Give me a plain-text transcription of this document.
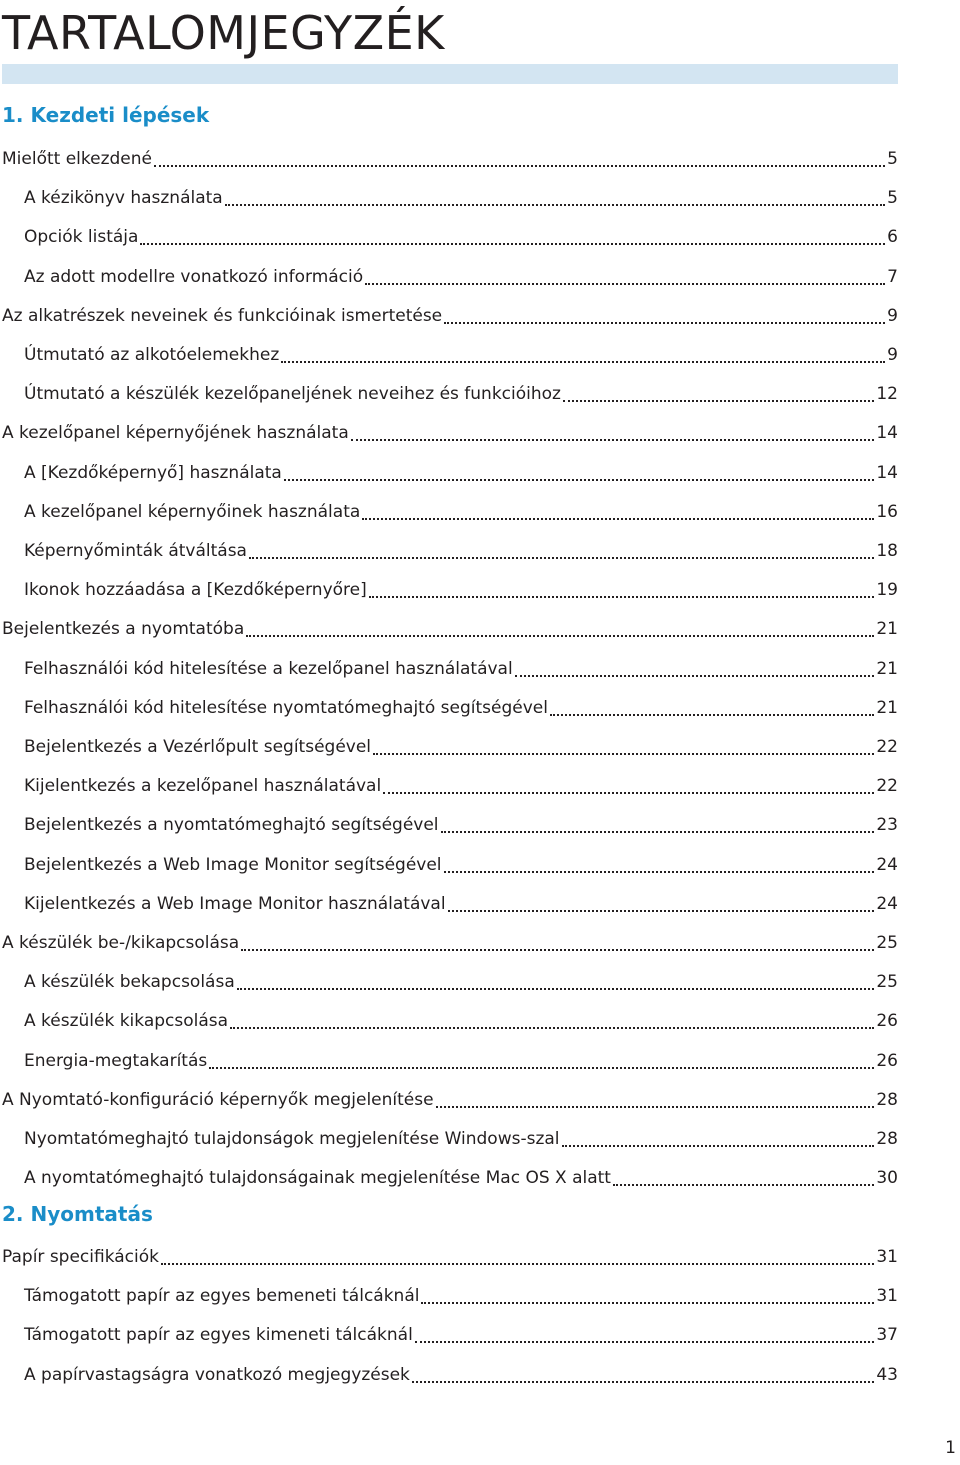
TARTALOMJEGYZÉK
1. Kezdeti lépések
Mielőtt elkezdené	5
A kézikönyv használata	5
Opciók listája	6
Az adott modellre vonatkozó információ	7
Az alkatrészek neveinek és funkcióinak ismertetése	9
Útmutató az alkotóelemekhez	9
Útmutató a készülék kezelőpaneljének neveihez és funkcióihoz	12
A kezelőpanel képernyőjének használata	14
A [Kezdőképernyő] használata	14
A kezelőpanel képernyőinek használata	16
Képernyőminták átváltása	18
Ikonok hozzáadása a [Kezdőképernyőre]	19
Bejelentkezés a nyomtatóba	21
Felhasználói kód hitelesítése a kezelőpanel használatával	21
Felhasználói kód hitelesítése nyomtatómeghajtó segítségével	21
Bejelentkezés a Vezérlőpult segítségével	22
Kijelentkezés a kezelőpanel használatával	22
Bejelentkezés a nyomtatómeghajtó segítségével	23
Bejelentkezés a Web Image Monitor segítségével	24
Kijelentkezés a Web Image Monitor használatával	24
A készülék be-/kikapcsolása	25
A készülék bekapcsolása	25
A készülék kikapcsolása	26
Energia-megtakarítás	26
A Nyomtató-konfiguráció képernyők megjelenítése	28
Nyomtatómeghajtó tulajdonságok megjelenítése Windows-szal	28
A nyomtatómeghajtó tulajdonságainak megjelenítése Mac OS X alatt	30
2. Nyomtatás
Papír specifikációk	31
Támogatott papír az egyes bemeneti tálcáknál	31
Támogatott papír az egyes kimeneti tálcáknál	37
A papírvastagságra vonatkozó megjegyzések	43
1
